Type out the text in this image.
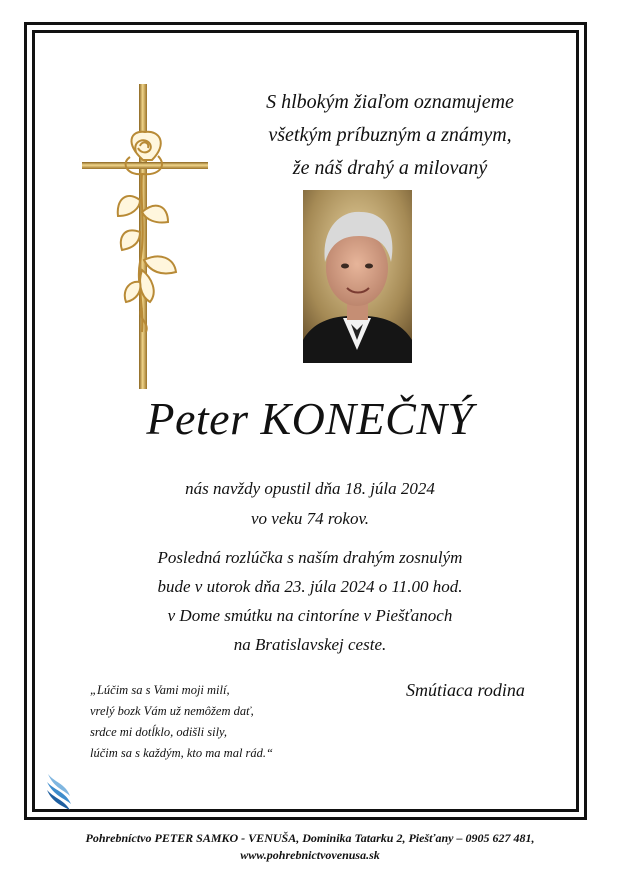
S hlbokým žiaľom oznamujeme
všetkým príbuzným a známym,
že náš drahý a milovaný
Peter KONEČNÝ
nás navždy opustil dňa 18. júla 2024
vo veku 74 rokov.
Posledná rozlúčka s naším drahým zosnulým
bude v utorok dňa 23. júla 2024 o 11.00 hod.
v Dome smútku na cintoríne v Piešťanoch
na Bratislavskej ceste.
„Lúčim sa s Vami moji milí,
vrelý bozk Vám už nemôžem dať,
srdce mi dotĺklo, odišli sily,
lúčim sa s každým, kto ma mal rád.“
Smútiaca rodina
Pohrebníctvo PETER SAMKO - VENUŠA, Dominika Tatarku 2, Piešťany – 0905 627 481,
www.pohrebnictvovenusa.sk
